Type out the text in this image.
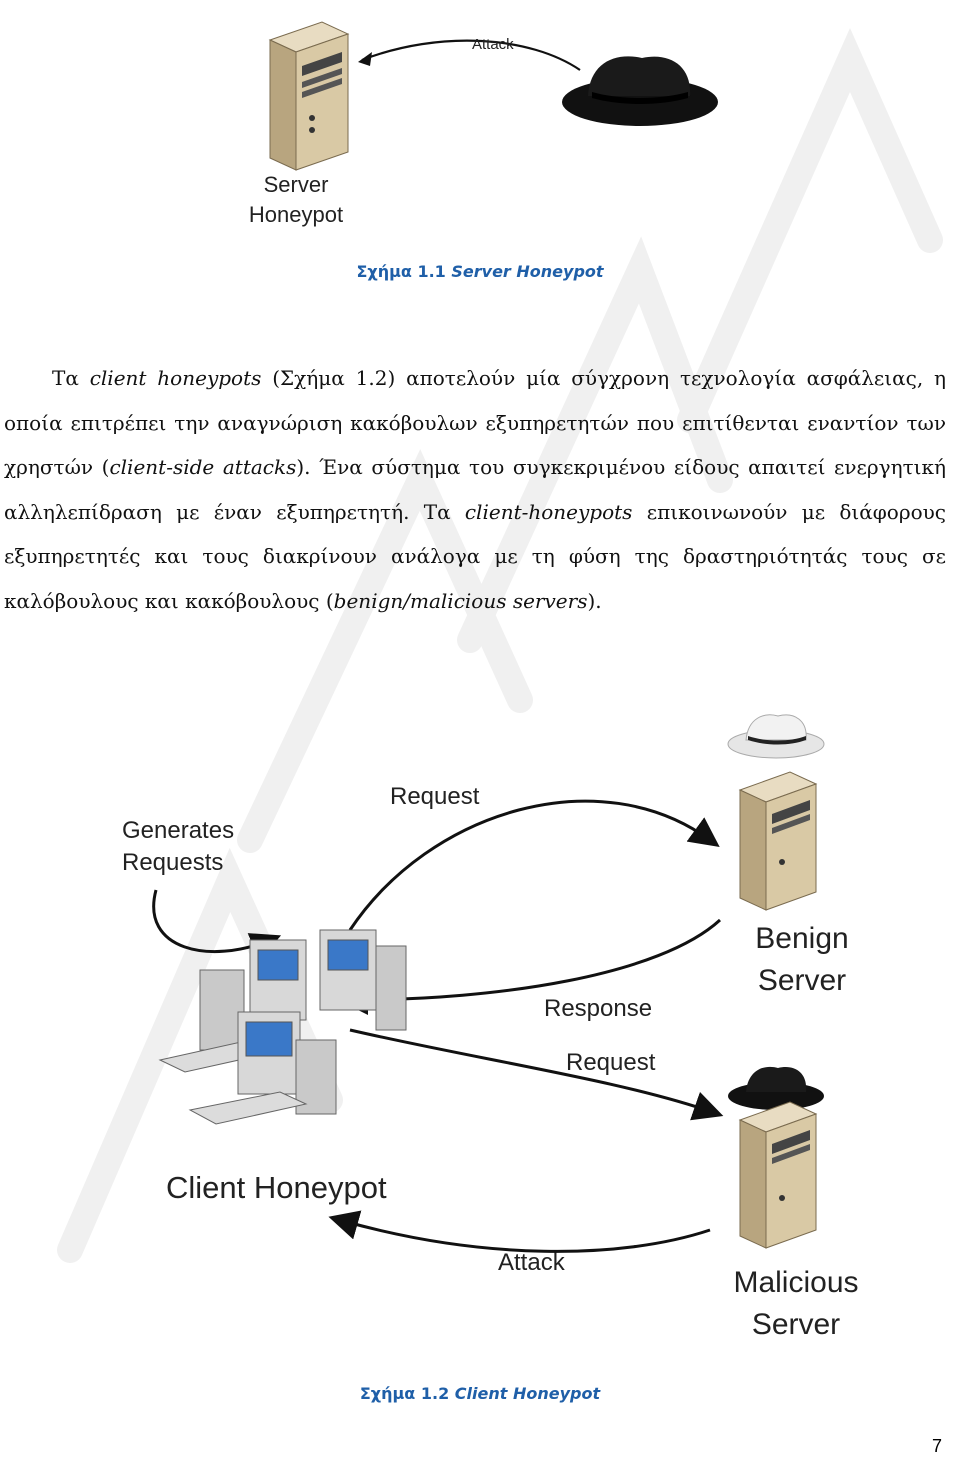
Attack
Server
Honeypot
Σχήμα 1.1 Server Honeypot
Τα client honeypots (Σχήμα 1.2) αποτελούν μία σύγχρονη τεχνολογία ασφάλειας, η οποία επιτρέπει την αναγνώριση κακόβουλων εξυπηρετητών που επιτίθενται εναντίον των χρηστών (client-side attacks). Ένα σύστημα του συγκεκριμένου είδους απαιτεί ενεργητική αλληλεπίδραση με έναν εξυπηρετητή. Τα client-honeypots επικοινωνούν με διάφορους εξυπηρετητές και τους διακρίνουν ανάλογα με τη φύση της δραστηριότητάς τους σε καλόβουλους και κακόβουλους (benign/malicious servers).
Generates
Requests
Request
Response
Request
Attack
Client Honeypot
Benign
Server
Malicious
Server
Σχήμα 1.2 Client Honeypot
7
